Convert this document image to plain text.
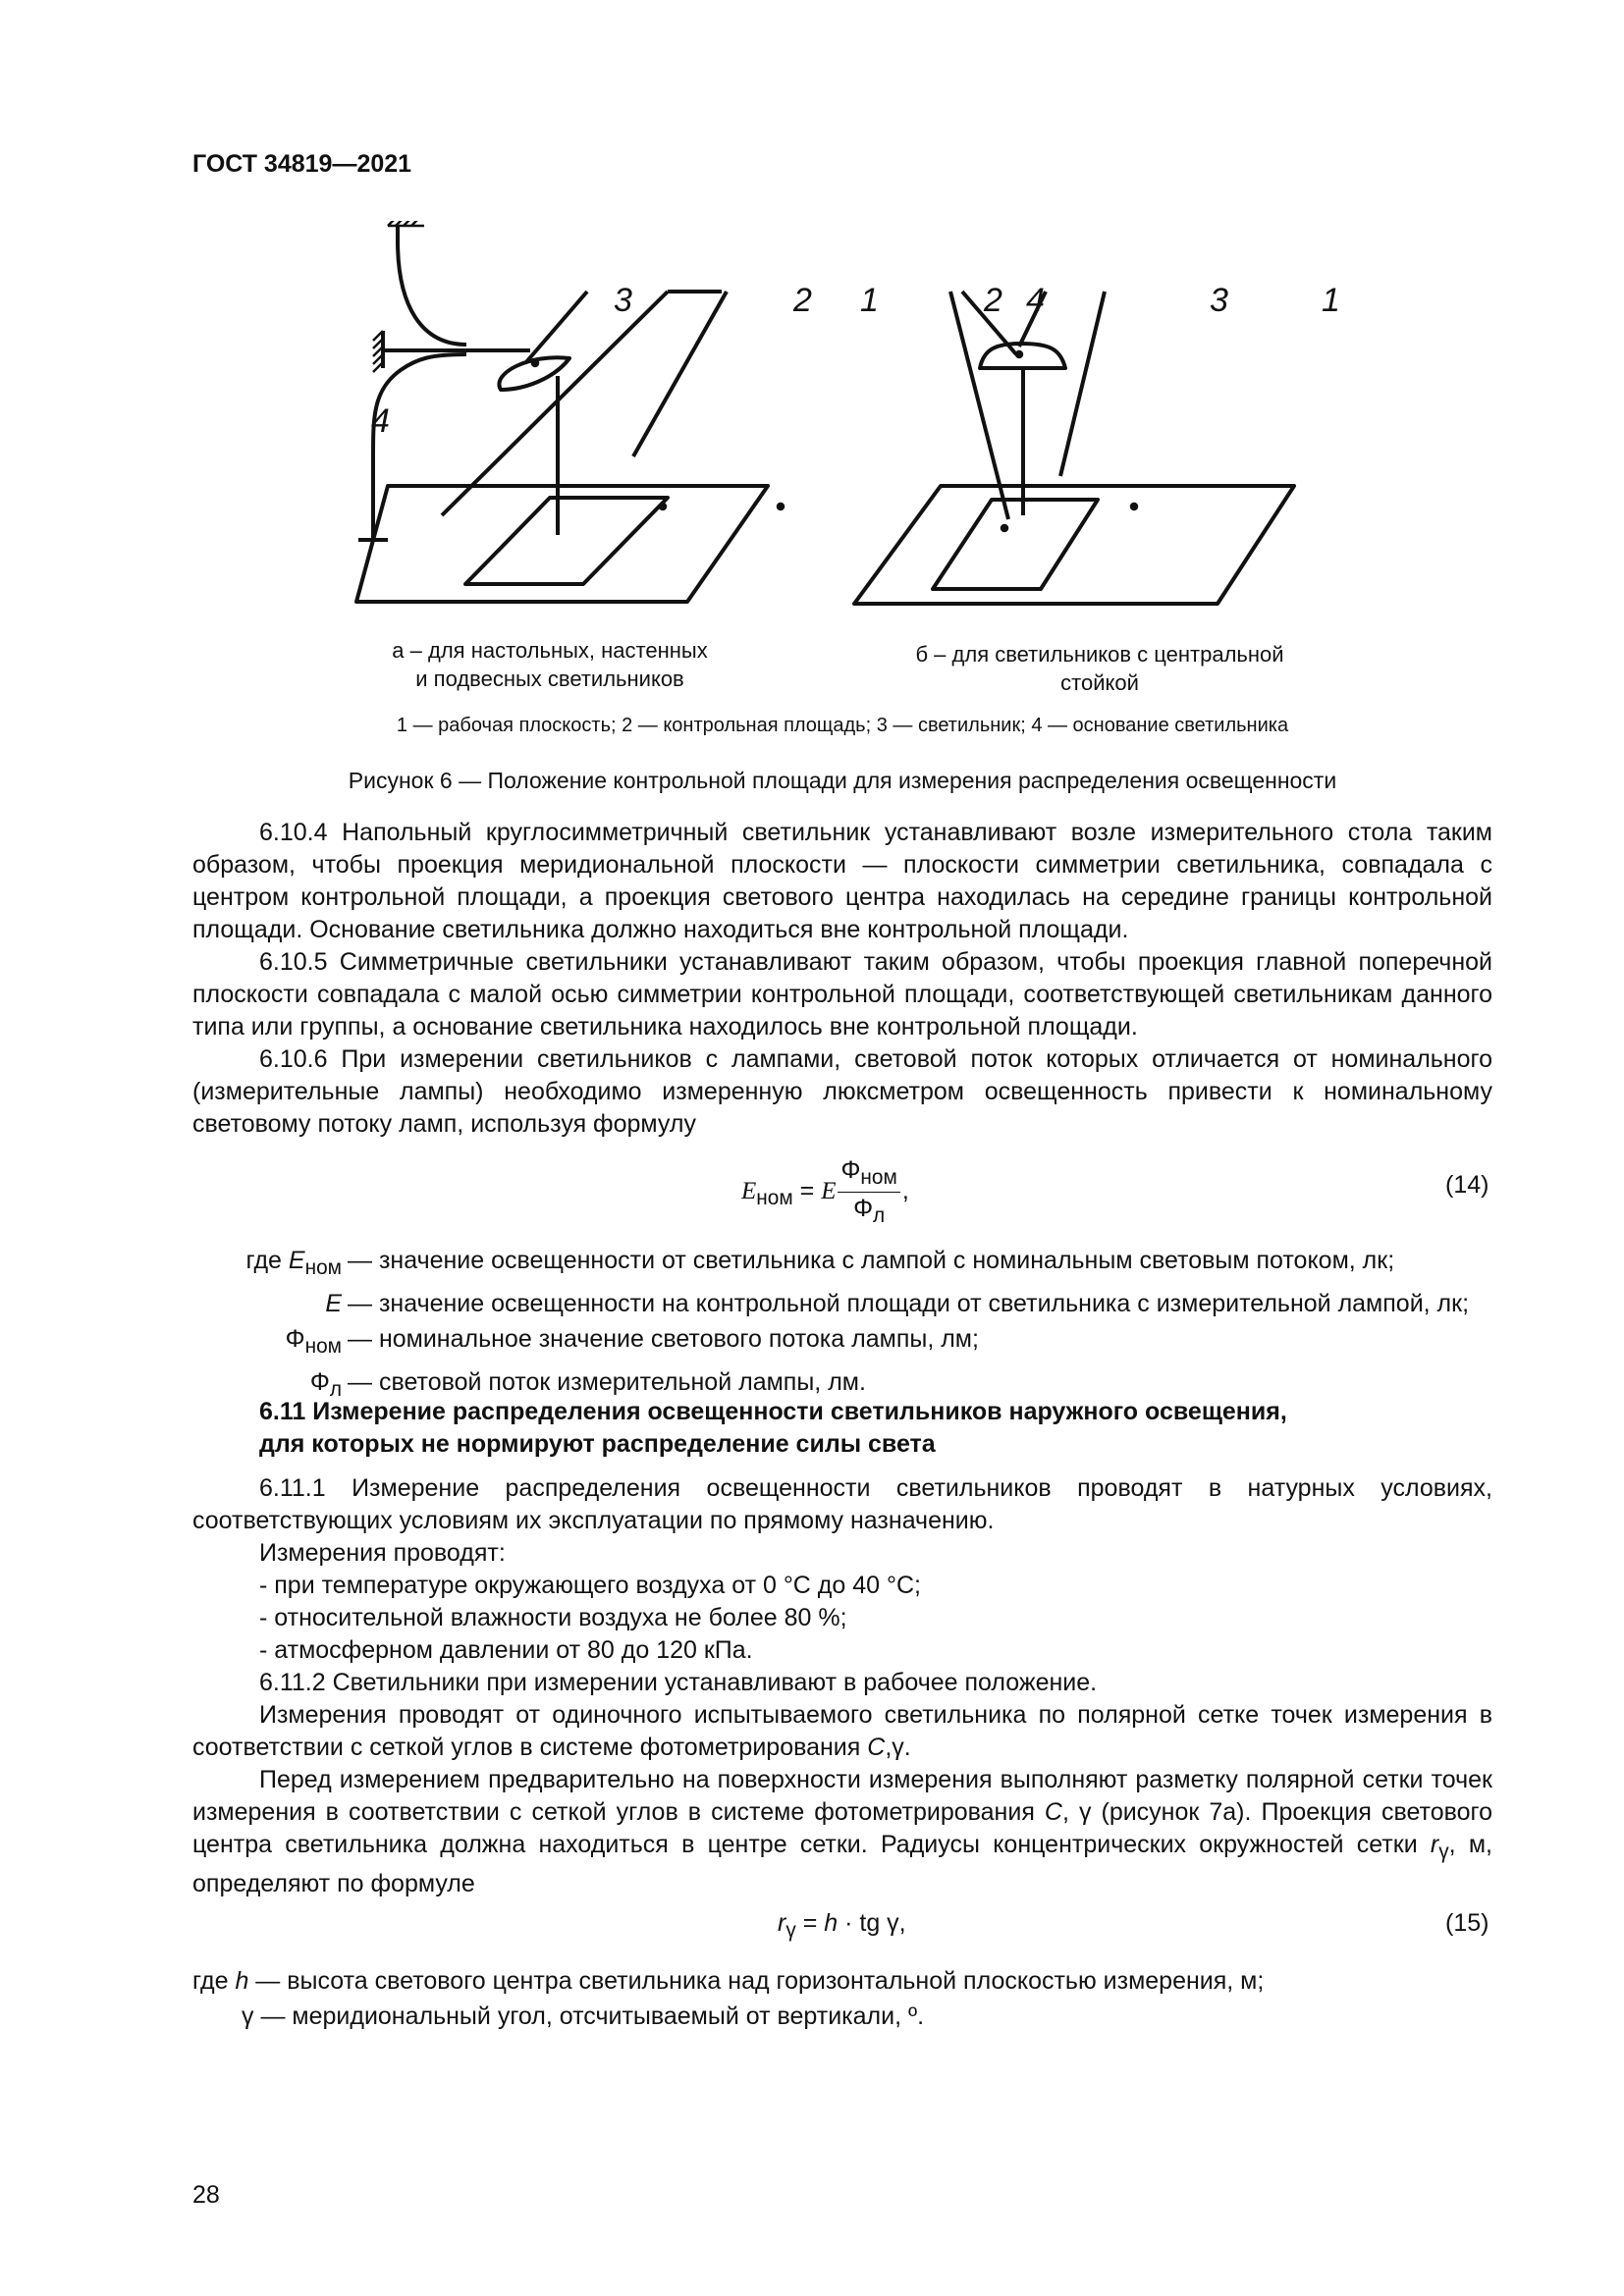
ГОСТ 34819—2021
3	2 1
4
2 4	3	1
а – для настольных, настенных
и подвесных светильников
б – для светильников с центральной
стойкой
1 — рабочая плоскость; 2 — контрольная площадь; 3 — светильник; 4 — основание светильника
Рисунок 6 — Положение контрольной площади для измерения распределения освещенности

6.10.4 Напольный круглосимметричный светильник устанавливают возле измерительного стола таким образом, чтобы проекция меридиональной плоскости — плоскости симметрии светильника, совпадала с центром контрольной площади, а проекция светового центра находилась на середине границы контрольной площади. Основание светильника должно находиться вне контрольной площади.

6.10.5 Симметричные светильники устанавливают таким образом, чтобы проекция главной поперечной плоскости совпадала с малой осью симметрии контрольной площади, соответствующей светильникам данного типа или группы, а основание светильника находилось вне контрольной площади.

6.10.6 При измерении светильников с лампами, световой поток которых отличается от номинального (измерительные лампы) необходимо измеренную люксметром освещенность привести к номинальному световому потоку ламп, используя формулу

$E_{ном} = E \frac{\Phi_{ном}}{\Phi_л}$ ,	(14)
где $E_{ном}$ — значение освещенности от светильника с лампой с номинальным световым потоком, лк;
E — значение освещенности на контрольной площади от светильника с измерительной лампой, лк;
$\Phi_{ном}$ — номинальное значение светового потока лампы, лм;
$\Phi_л$ — световой поток измерительной лампы, лм.
6.11 Измерение распределения освещенности светильников наружного освещения,
для которых не нормируют распределение силы света

6.11.1 Измерение распределения освещенности светильников проводят в натурных условиях, соответствующих условиям их эксплуатации по прямому назначению.

Измерения проводят:
- при температуре окружающего воздуха от 0 °C до 40 °C;
- относительной влажности воздуха не более 80 %;
- атмосферном давлении от 80 до 120 кПа.

6.11.2 Светильники при измерении устанавливают в рабочее положение.

Измерения проводят от одиночного испытываемого светильника по полярной сетке точек измерения в соответствии с сеткой углов в системе фотометрирования C,γ.

Перед измерением предварительно на поверхности измерения выполняют разметку полярной сетки точек измерения в соответствии с сеткой углов в системе фотометрирования C, γ (рисунок 7а). Проекция светового центра светильника должна находиться в центре сетки. Радиусы концентрических окружностей сетки $r_\gamma$, м, определяют по формуле

$r_\gamma = h$ · tg γ,	(15)
где h — высота светового центра светильника над горизонтальной плоскостью измерения, м;
γ — меридиональный угол, отсчитываемый от вертикали, º.
28
